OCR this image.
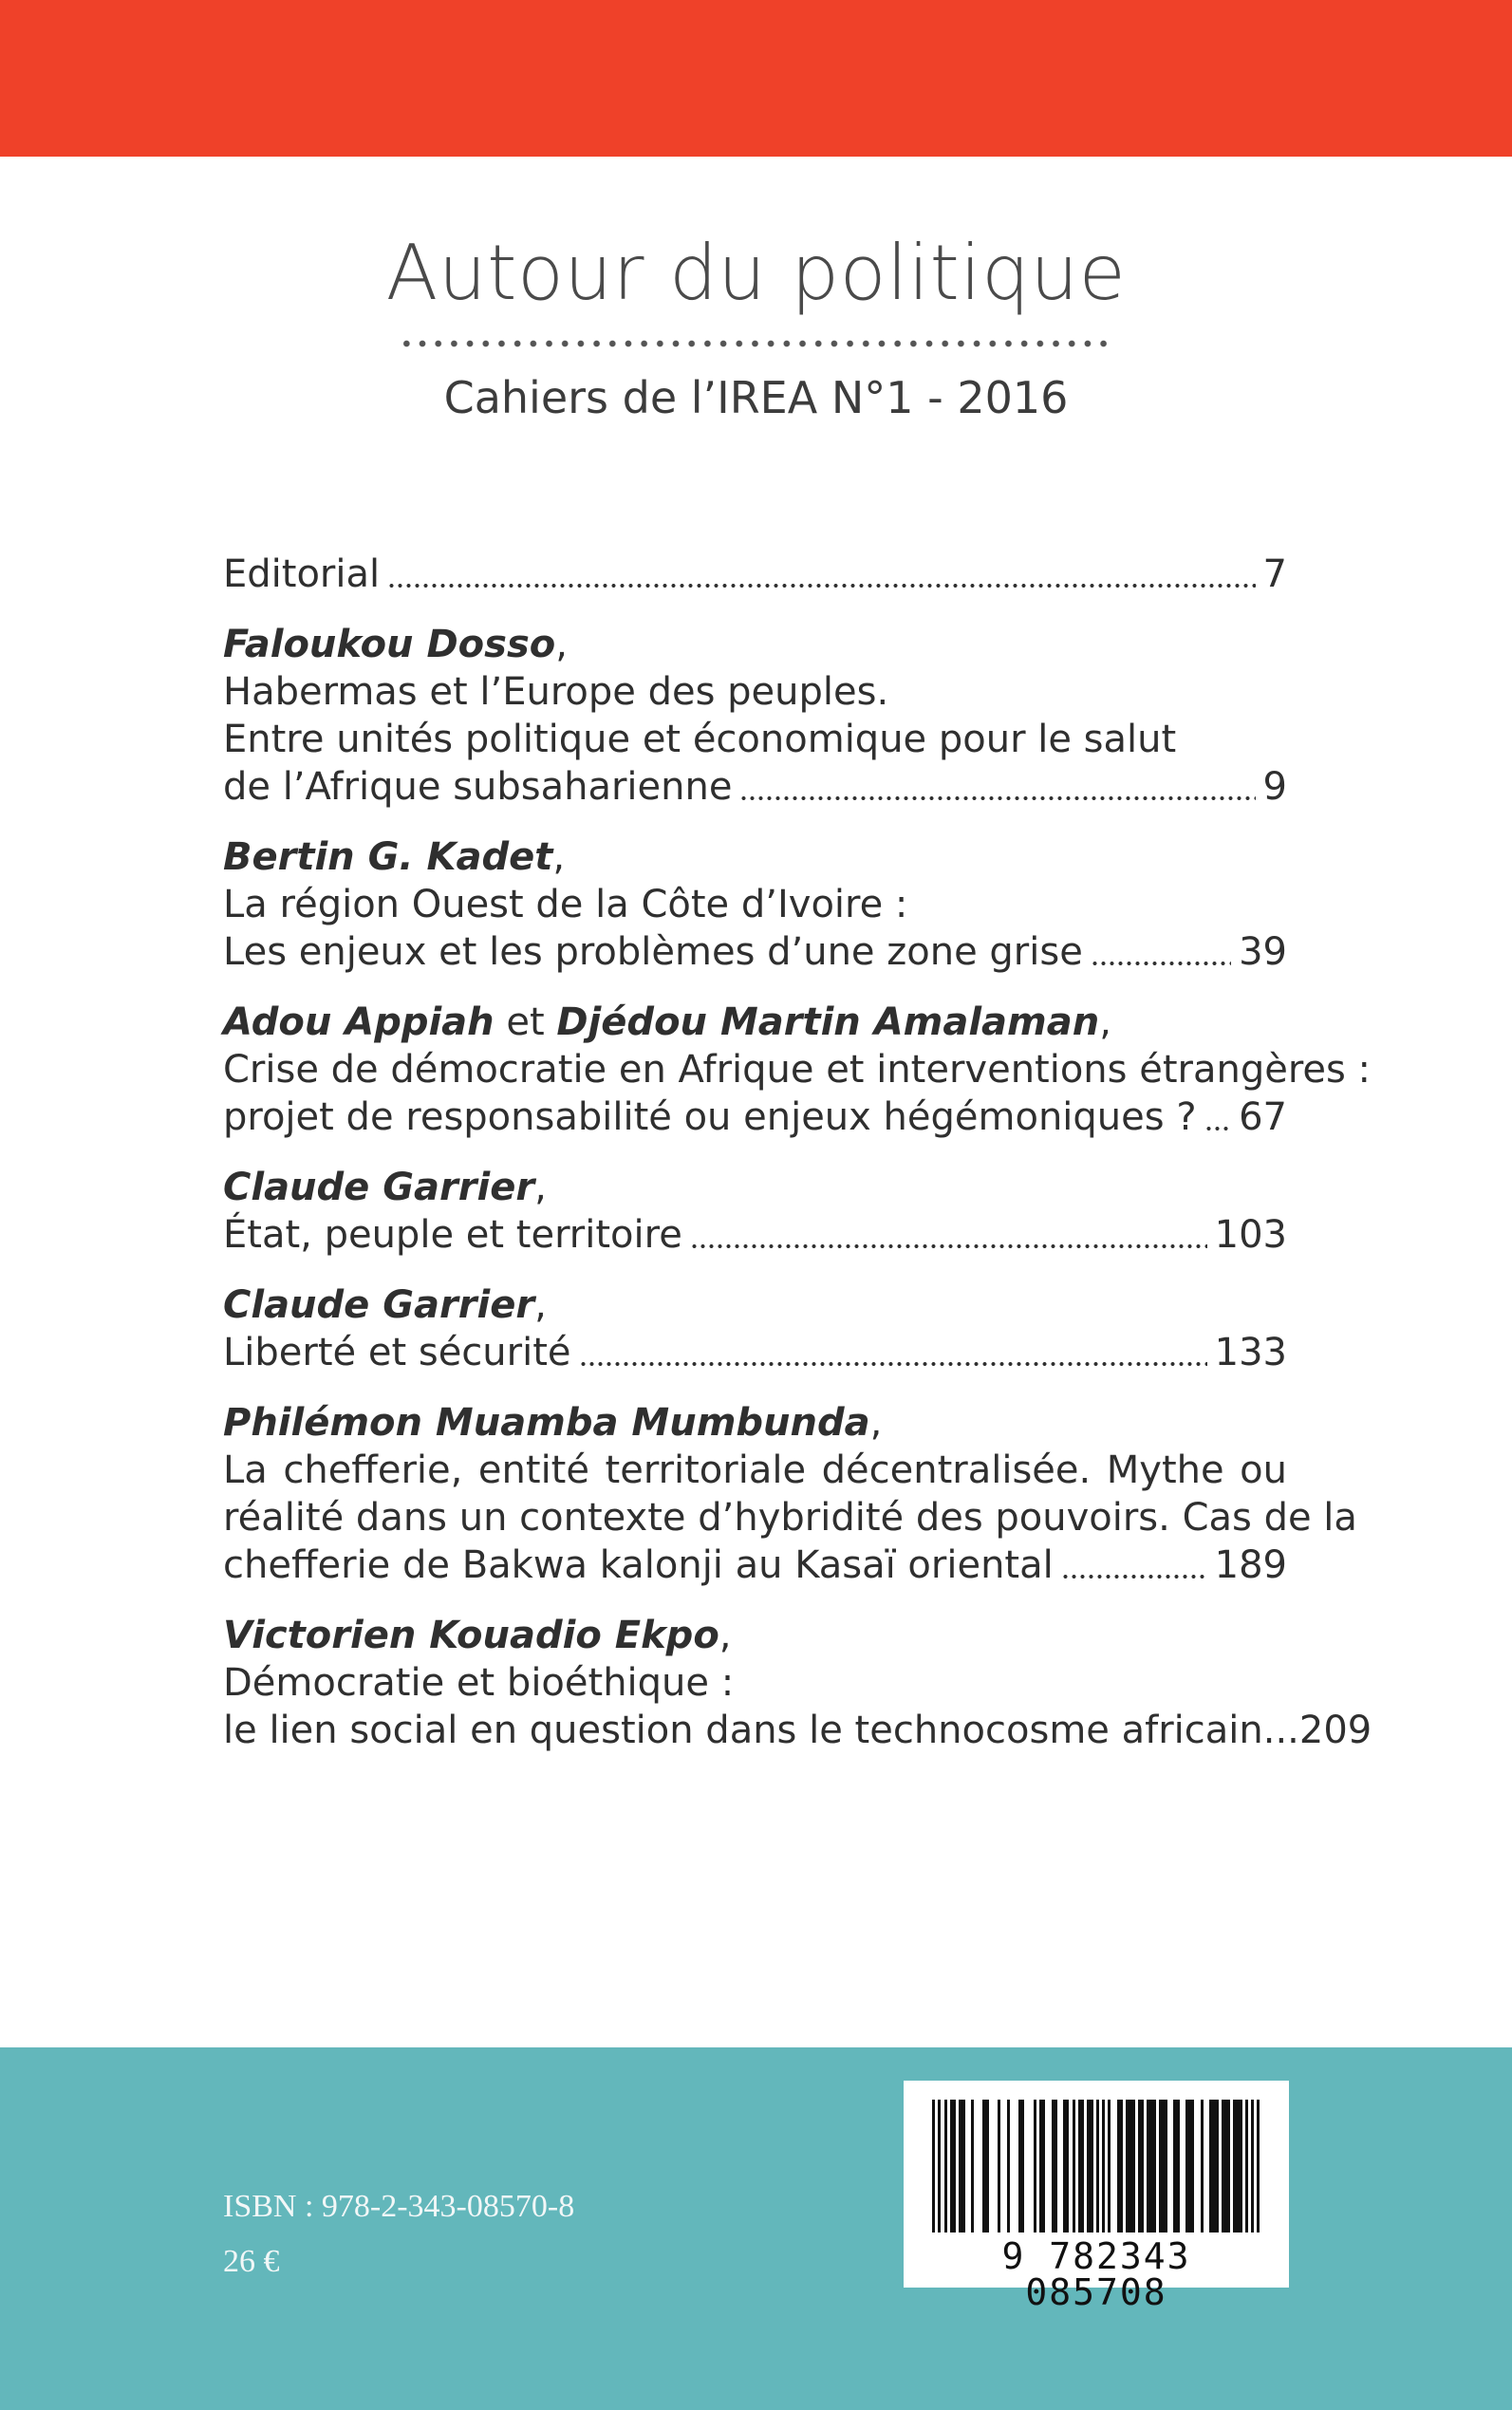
Autour du politique
Cahiers de l’IREA N°1 - 2016
Editorial	7
Faloukou Dosso,
Habermas et l’Europe des peuples.
Entre unités politique et économique pour le salut
de l’Afrique subsaharienne	9
Bertin G. Kadet,
La région Ouest de la Côte d’Ivoire :
Les enjeux et les problèmes d’une zone grise	39
Adou Appiah et Djédou Martin Amalaman,
Crise de démocratie en Afrique et interventions étrangères :
projet de responsabilité ou enjeux hégémoniques ? 67
Claude Garrier,
État, peuple et territoire	103
Claude Garrier,
Liberté et sécurité	133
Philémon Muamba Mumbunda,
La chefferie, entité territoriale décentralisée. Mythe ou
réalité dans un contexte d’hybridité des pouvoirs. Cas de la
chefferie de Bakwa kalonji au Kasaï oriental	189
Victorien Kouadio Ekpo,
Démocratie et bioéthique :
le lien social en question dans le technocosme africain... 209
ISBN : 978-2-343-08570-8
26 €	9 782343 085708
